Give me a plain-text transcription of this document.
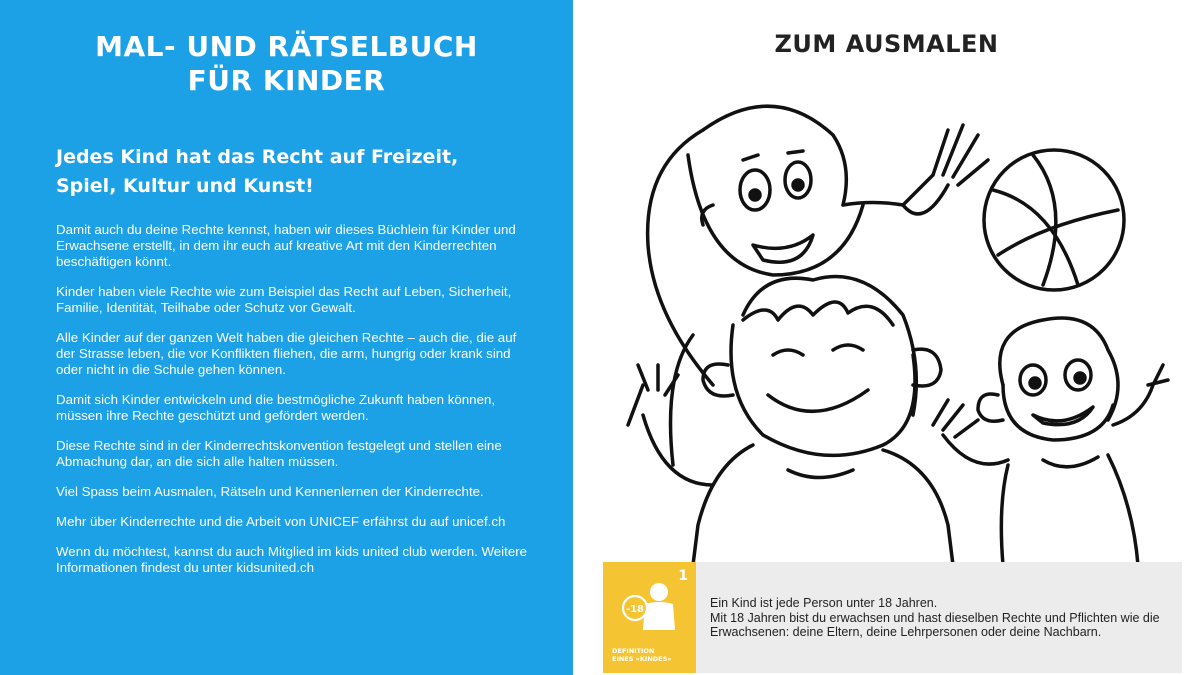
MAL- UND RÄTSELBUCH
FÜR KINDER
Jedes Kind hat das Recht auf Freizeit,
Spiel, Kultur und Kunst!

Damit auch du deine Rechte kennst, haben wir dieses Büchlein für Kinder und Erwachsene erstellt, in dem ihr euch auf kreative Art mit den Kinderrechten beschäftigen könnt.

Kinder haben viele Rechte wie zum Beispiel das Recht auf Leben, Sicherheit, Familie, Identität, Teilhabe oder Schutz vor Gewalt.

Alle Kinder auf der ganzen Welt haben die gleichen Rechte – auch die, die auf der Strasse leben, die vor Konflikten fliehen, die arm, hungrig oder krank sind oder nicht in die Schule gehen können.

Damit sich Kinder entwickeln und die bestmögliche Zukunft haben können, müssen ihre Rechte geschützt und gefördert werden.

Diese Rechte sind in der Kinderrechtskonvention festgelegt und stellen eine Abmachung dar, an die sich alle halten müssen.

Viel Spass beim Ausmalen, Rätseln und Kennenlernen der Kinderrechte.

Mehr über Kinderrechte und die Arbeit von UNICEF erfährst du auf unicef.ch

Wenn du möchtest, kannst du auch Mitglied im kids united club werden. Weitere Informationen findest du unter kidsunited.ch

ZUM AUSMALEN
1
-18
DEFINITION
EINES «KINDES»
Ein Kind ist jede Person unter 18 Jahren.
Mit 18 Jahren bist du erwachsen und hast dieselben Rechte und Pflichten wie die Erwachsenen: deine Eltern, deine Lehrpersonen oder deine Nachbarn.
